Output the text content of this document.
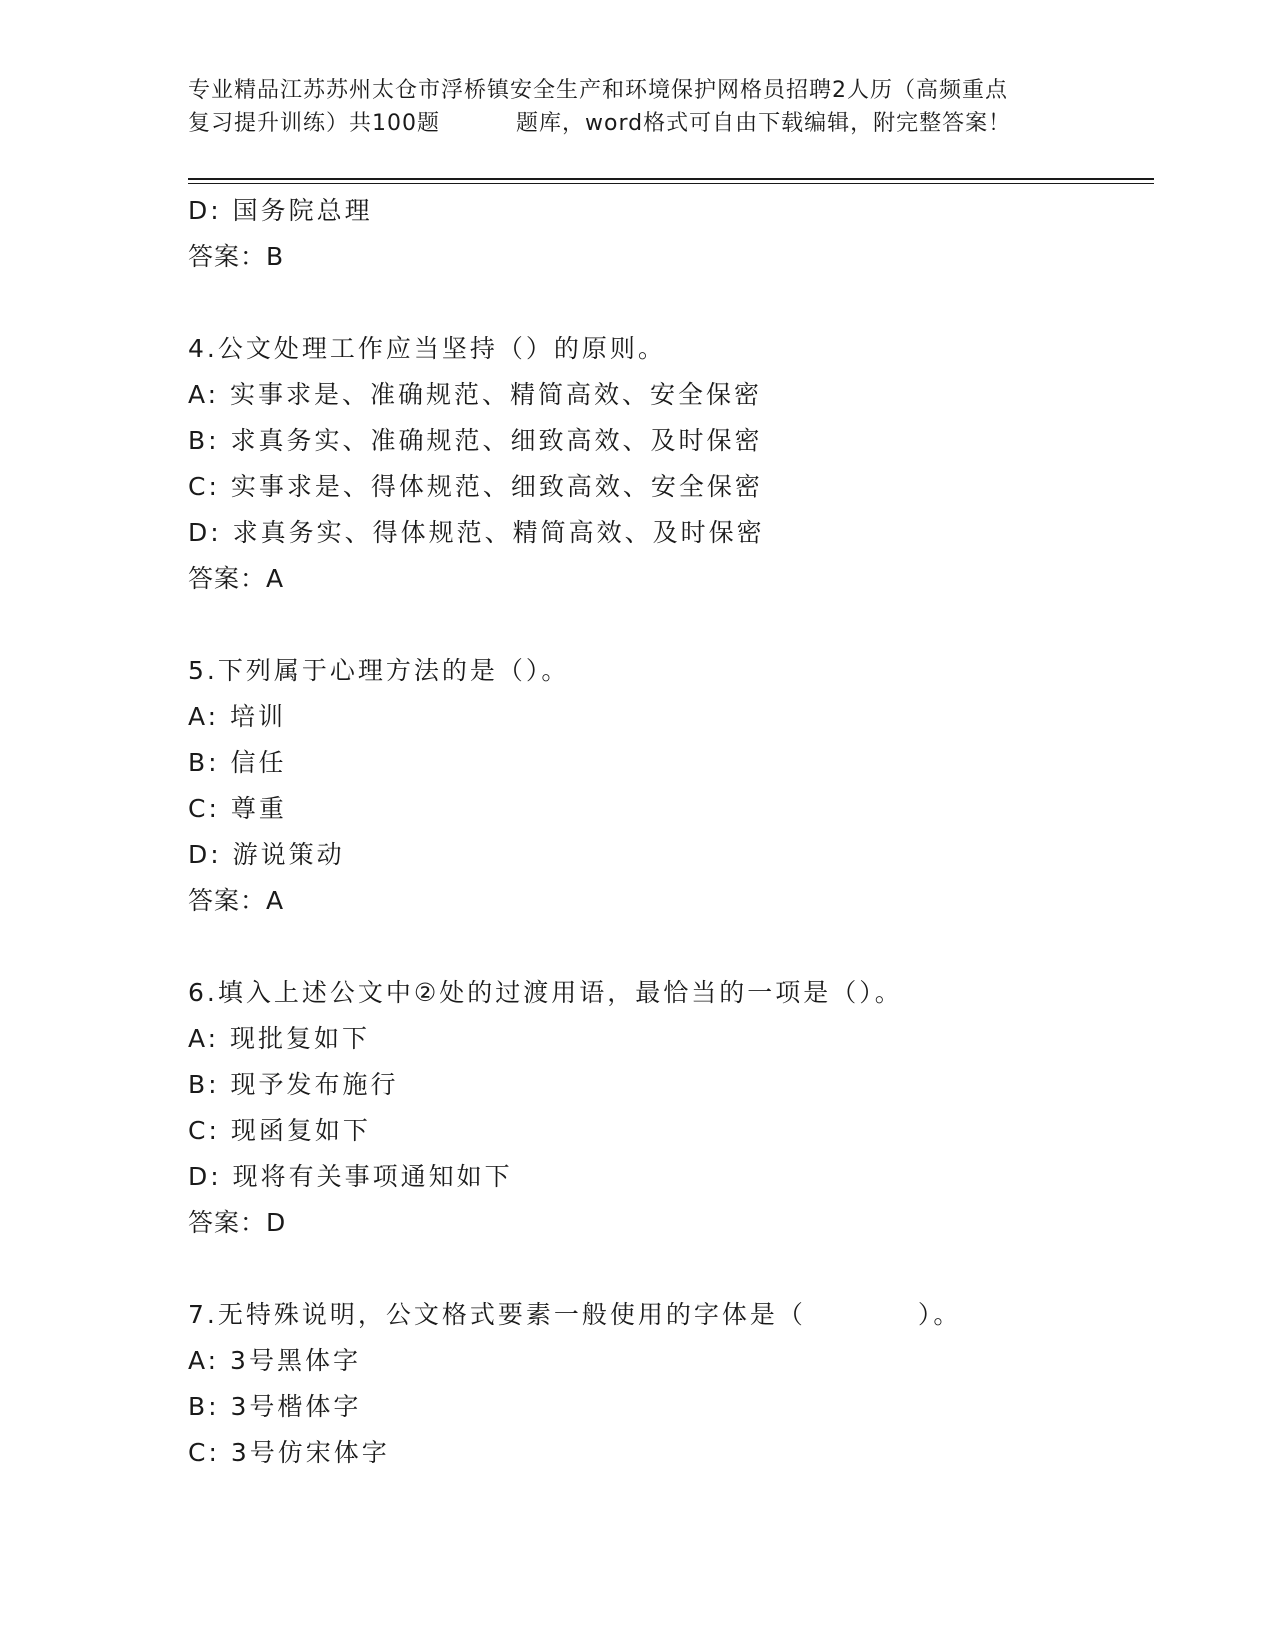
专业精品江苏苏州太仓市浮桥镇安全生产和环境保护网格员招聘2人历（高频重点
复习提升训练）共100题	题库，word格式可自由下载编辑，附完整答案！
D: 国务院总理
答案：B
4.公文处理工作应当坚持（）的原则。
A: 实事求是、准确规范、精简高效、安全保密
B: 求真务实、准确规范、细致高效、及时保密
C: 实事求是、得体规范、细致高效、安全保密
D: 求真务实、得体规范、精简高效、及时保密
答案：A
5.下列属于心理方法的是（）。
A: 培训
B: 信任
C: 尊重
D: 游说策动
答案：A
6.填入上述公文中②处的过渡用语，最恰当的一项是（）。
A: 现批复如下
B: 现予发布施行
C: 现函复如下
D: 现将有关事项通知如下
答案：D
7.无特殊说明，公文格式要素一般使用的字体是（　　　　）。
A: 3号黑体字
B: 3号楷体字
C: 3号仿宋体字
